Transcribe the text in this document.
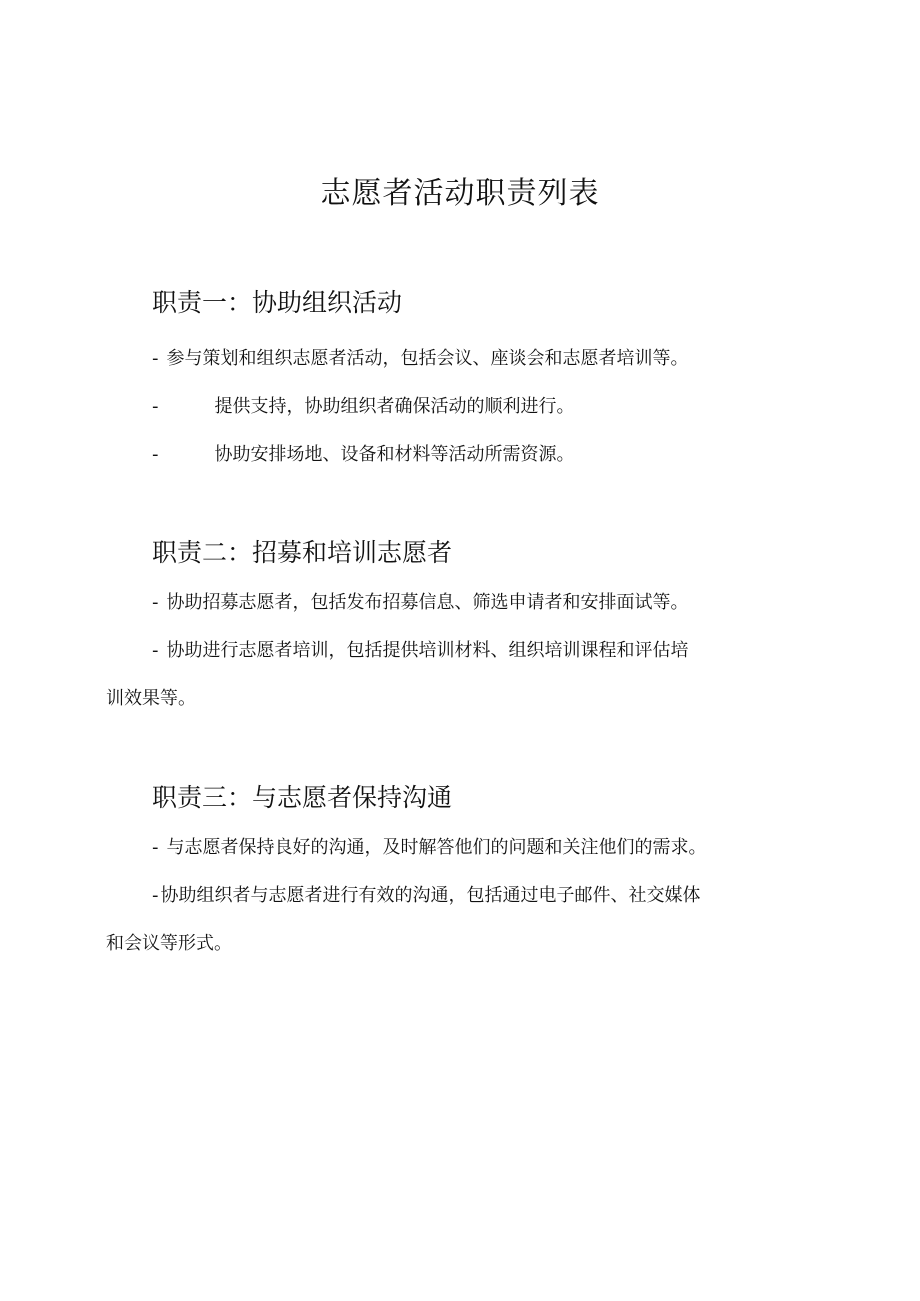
志愿者活动职责列表
职责一：协助组织活动

- 参与策划和组织志愿者活动，包括会议、座谈会和志愿者培训等。

-	提供支持，协助组织者确保活动的顺利进行。

-	协助安排场地、设备和材料等活动所需资源。

职责二：招募和培训志愿者

- 协助招募志愿者，包括发布招募信息、筛选申请者和安排面试等。

- 协助进行志愿者培训，包括提供培训材料、组织培训课程和评估培

训效果等。

职责三：与志愿者保持沟通

- 与志愿者保持良好的沟通，及时解答他们的问题和关注他们的需求。

- 协助组织者与志愿者进行有效的沟通，包括通过电子邮件、社交媒体

和会议等形式。
